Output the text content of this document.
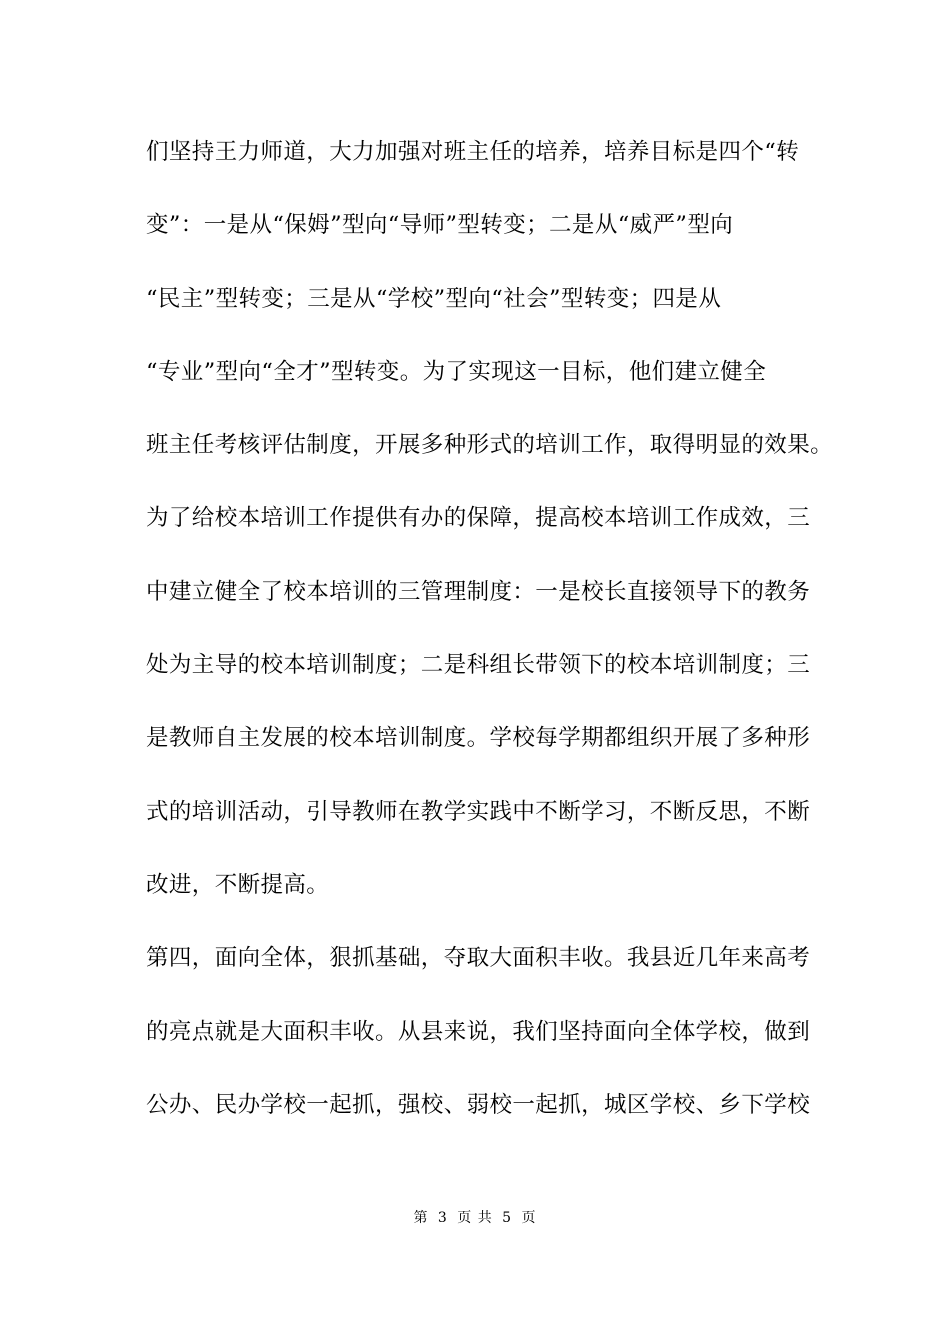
们坚持王力师道，大力加强对班主任的培养，培养目标是四个“转
变”：一是从“保姆”型向“导师”型转变；二是从“威严”型向
“民主”型转变；三是从“学校”型向“社会”型转变；四是从
“专业”型向“全才”型转变。为了实现这一目标，他们建立健全
班主任考核评估制度，开展多种形式的培训工作，取得明显的效果。
为了给校本培训工作提供有办的保障，提高校本培训工作成效，三
中建立健全了校本培训的三管理制度：一是校长直接领导下的教务
处为主导的校本培训制度；二是科组长带领下的校本培训制度；三
是教师自主发展的校本培训制度。学校每学期都组织开展了多种形
式的培训活动，引导教师在教学实践中不断学习，不断反思，不断
改进，不断提高。
第四，面向全体，狠抓基础，夺取大面积丰收。我县近几年来高考
的亮点就是大面积丰收。从县来说，我们坚持面向全体学校，做到
公办、民办学校一起抓，强校、弱校一起抓，城区学校、乡下学校
第 3 页 共 5 页
